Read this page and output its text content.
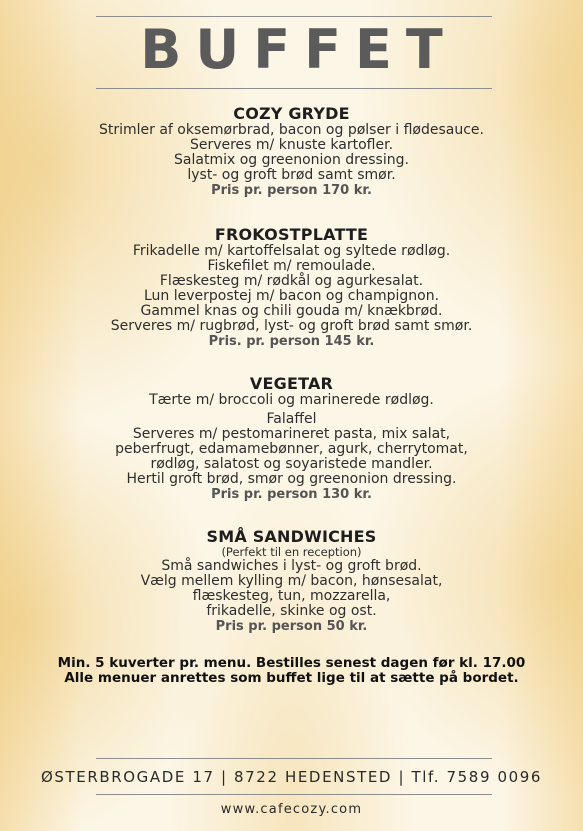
BUFFET
COZY GRYDE
Strimler af oksemørbrad, bacon og pølser i flødesauce.
Serveres m/ knuste kartofler.
Salatmix og greenonion dressing.
lyst- og groft brød samt smør.
Pris pr. person 170 kr.
FROKOSTPLATTE
Frikadelle m/ kartoffelsalat og syltede rødløg.
Fiskefilet m/ remoulade.
Flæskesteg m/ rødkål og agurkesalat.
Lun leverpostej m/ bacon og champignon.
Gammel knas og chili gouda m/ knækbrød.
Serveres m/ rugbrød, lyst- og groft brød samt smør.
Pris. pr. person 145 kr.
VEGETAR
Tærte m/ broccoli og marinerede rødløg.
Falaffel
Serveres m/ pestomarineret pasta, mix salat,
peberfrugt, edamamebønner, agurk, cherrytomat,
rødløg, salatost og soyaristede mandler.
Hertil groft brød, smør og greenonion dressing.
Pris pr. person 130 kr.
SMÅ SANDWICHES
(Perfekt til en reception)
Små sandwiches i lyst- og groft brød.
Vælg mellem kylling m/ bacon, hønsesalat,
flæskesteg, tun, mozzarella,
frikadelle, skinke og ost.
Pris pr. person 50 kr.
Min. 5 kuverter pr. menu. Bestilles senest dagen før kl. 17.00
Alle menuer anrettes som buffet lige til at sætte på bordet.
ØSTERBROGADE 17 | 8722 HEDENSTED | Tlf. 7589 0096
www.cafecozy.com
